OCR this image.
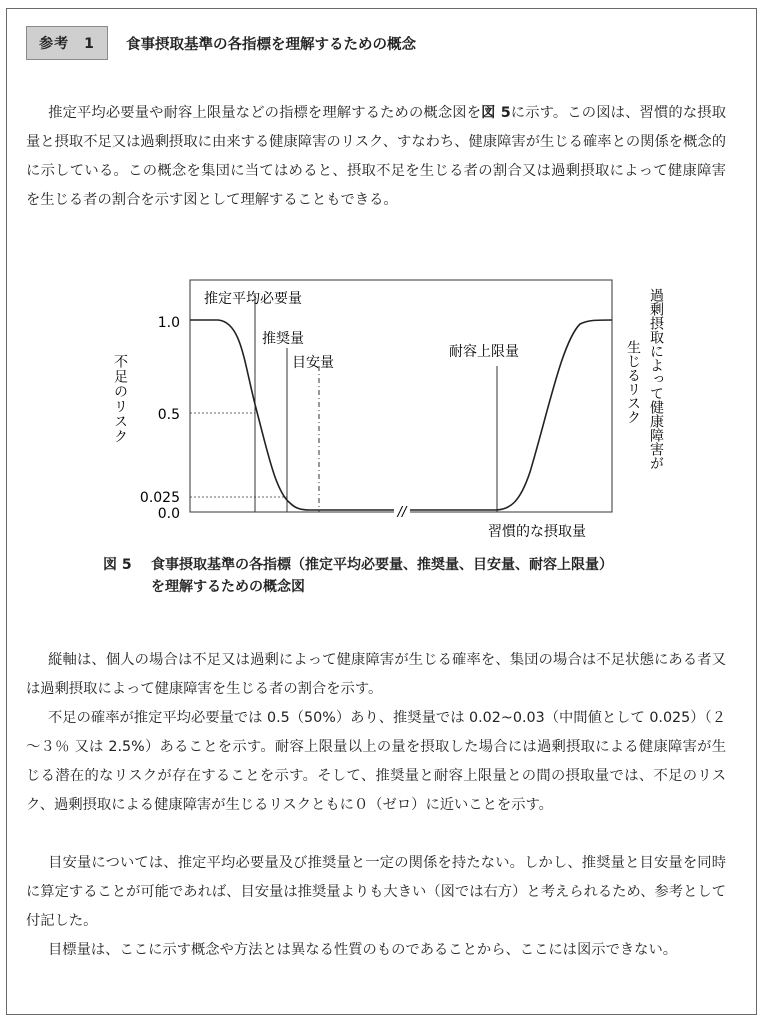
参考　1	食事摂取基準の各指標を理解するための概念

推定平均必要量や耐容上限量などの指標を理解するための概念図を図 5に示す。この図は、習慣的な摂取量と摂取不足又は過剰摂取に由来する健康障害のリスク、すなわち、健康障害が生じる確率との関係を概念的に示している。この概念を集団に当てはめると、摂取不足を生じる者の割合又は過剰摂取によって健康障害を生じる者の割合を示す図として理解することもできる。

//
1.0
0.5
0.025
0.0
推定平均必要量
推奨量
目安量
耐容上限量
習慣的な摂取量
不足のリスク	過剰摂取によって健康障害が
生じるリスク
図 5 食事摂取基準の各指標（推定平均必要量、推奨量、目安量、耐容上限量）
を理解するための概念図

縦軸は、個人の場合は不足又は過剰によって健康障害が生じる確率を、集団の場合は不足状態にある者又は過剰摂取によって健康障害を生じる者の割合を示す。

不足の確率が推定平均必要量では 0.5（50%）あり、推奨量では 0.02~0.03（中間値として 0.025）（２～３％ 又は 2.5%）あることを示す。耐容上限量以上の量を摂取した場合には過剰摂取による健康障害が生じる潜在的なリスクが存在することを示す。そして、推奨量と耐容上限量との間の摂取量では、不足のリスク、過剰摂取による健康障害が生じるリスクともに０（ゼロ）に近いことを示す。

目安量については、推定平均必要量及び推奨量と一定の関係を持たない。しかし、推奨量と目安量を同時に算定することが可能であれば、目安量は推奨量よりも大きい（図では右方）と考えられるため、参考として付記した。

目標量は、ここに示す概念や方法とは異なる性質のものであることから、ここには図示できない。
